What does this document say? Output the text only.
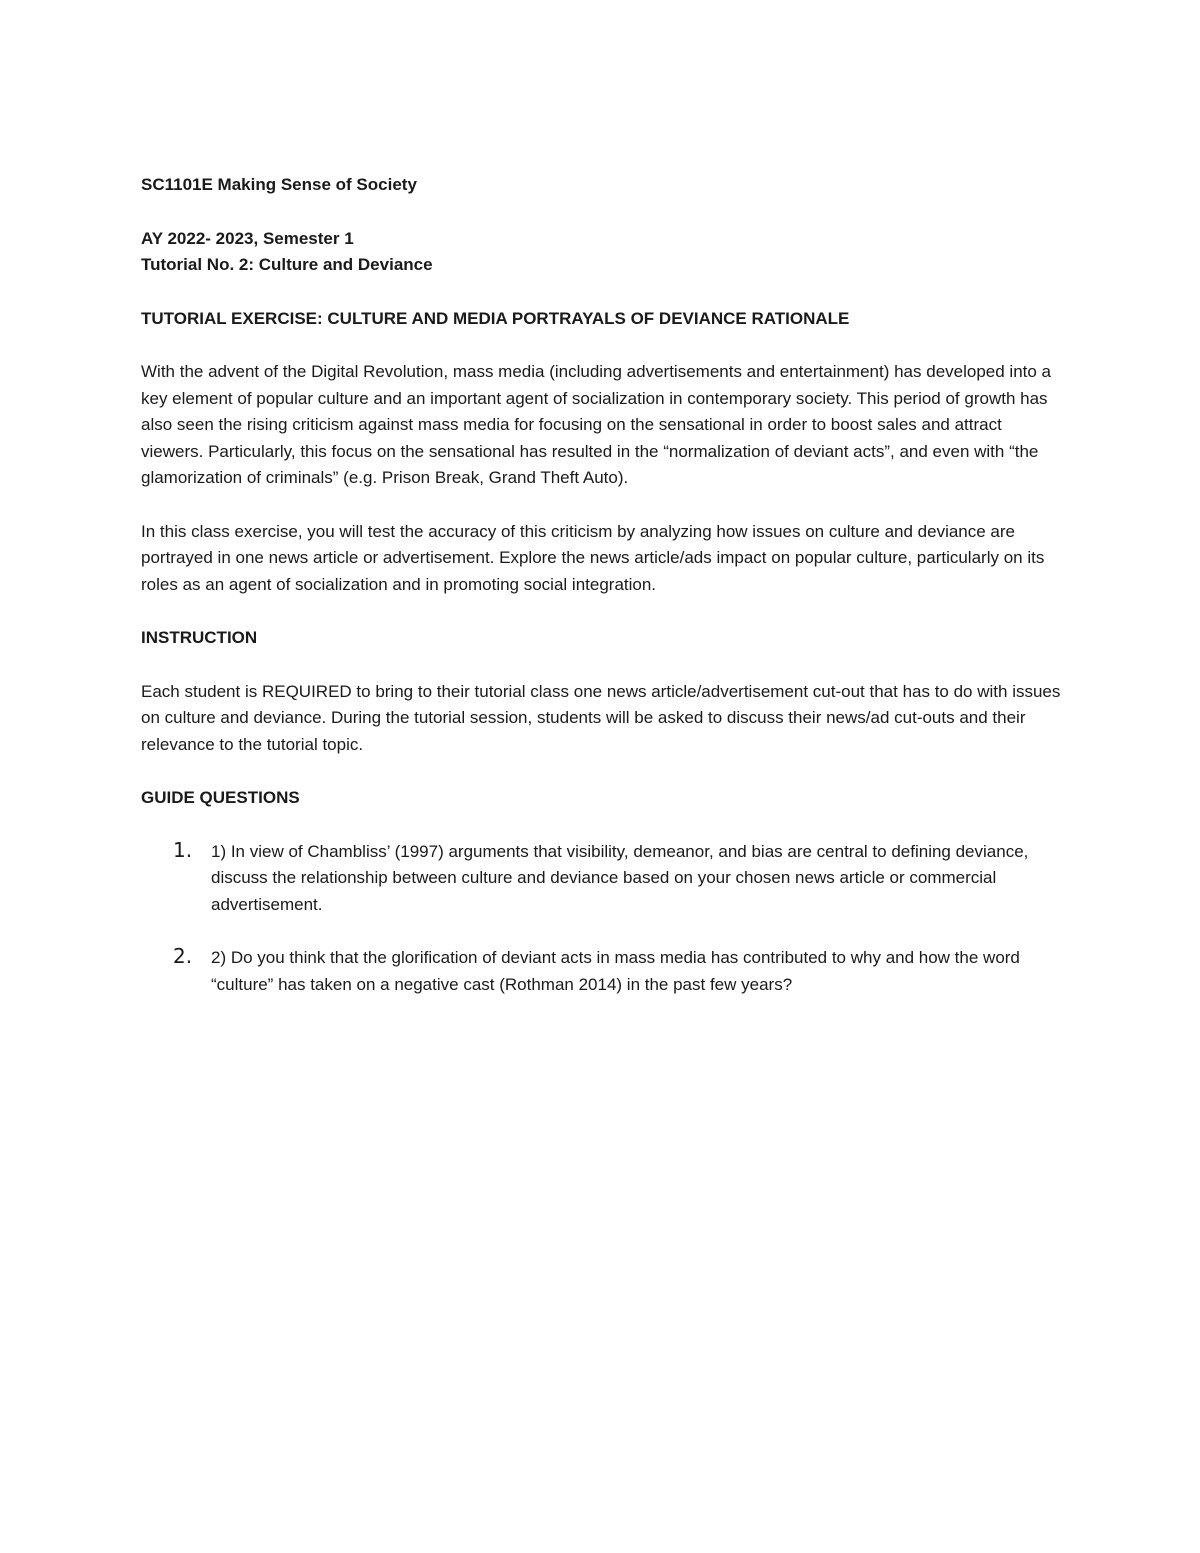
SC1101E Making Sense of Society

AY 2022- 2023, Semester 1

Tutorial No. 2: Culture and Deviance

TUTORIAL EXERCISE: CULTURE AND MEDIA PORTRAYALS OF DEVIANCE RATIONALE

With the advent of the Digital Revolution, mass media (including advertisements and entertainment) has developed into a key element of popular culture and an important agent of socialization in contemporary society. This period of growth has also seen the rising criticism against mass media for focusing on the sensational in order to boost sales and attract viewers. Particularly, this focus on the sensational has resulted in the “normalization of deviant acts”, and even with “the glamorization of criminals” (e.g. Prison Break, Grand Theft Auto).

In this class exercise, you will test the accuracy of this criticism by analyzing how issues on culture and deviance are portrayed in one news article or advertisement. Explore the news article/ads impact on popular culture, particularly on its roles as an agent of socialization and in promoting social integration.

INSTRUCTION

Each student is REQUIRED to bring to their tutorial class one news article/advertisement cut-out that has to do with issues on culture and deviance. During the tutorial session, students will be asked to discuss their news/ad cut-outs and their relevance to the tutorial topic.

GUIDE QUESTIONS

1. 1) In view of Chambliss’ (1997) arguments that visibility, demeanor, and bias are central to defining deviance, discuss the relationship between culture and deviance based on your chosen news article or commercial advertisement.
2. 2) Do you think that the glorification of deviant acts in mass media has contributed to why and how the word “culture” has taken on a negative cast (Rothman 2014) in the past few years?
